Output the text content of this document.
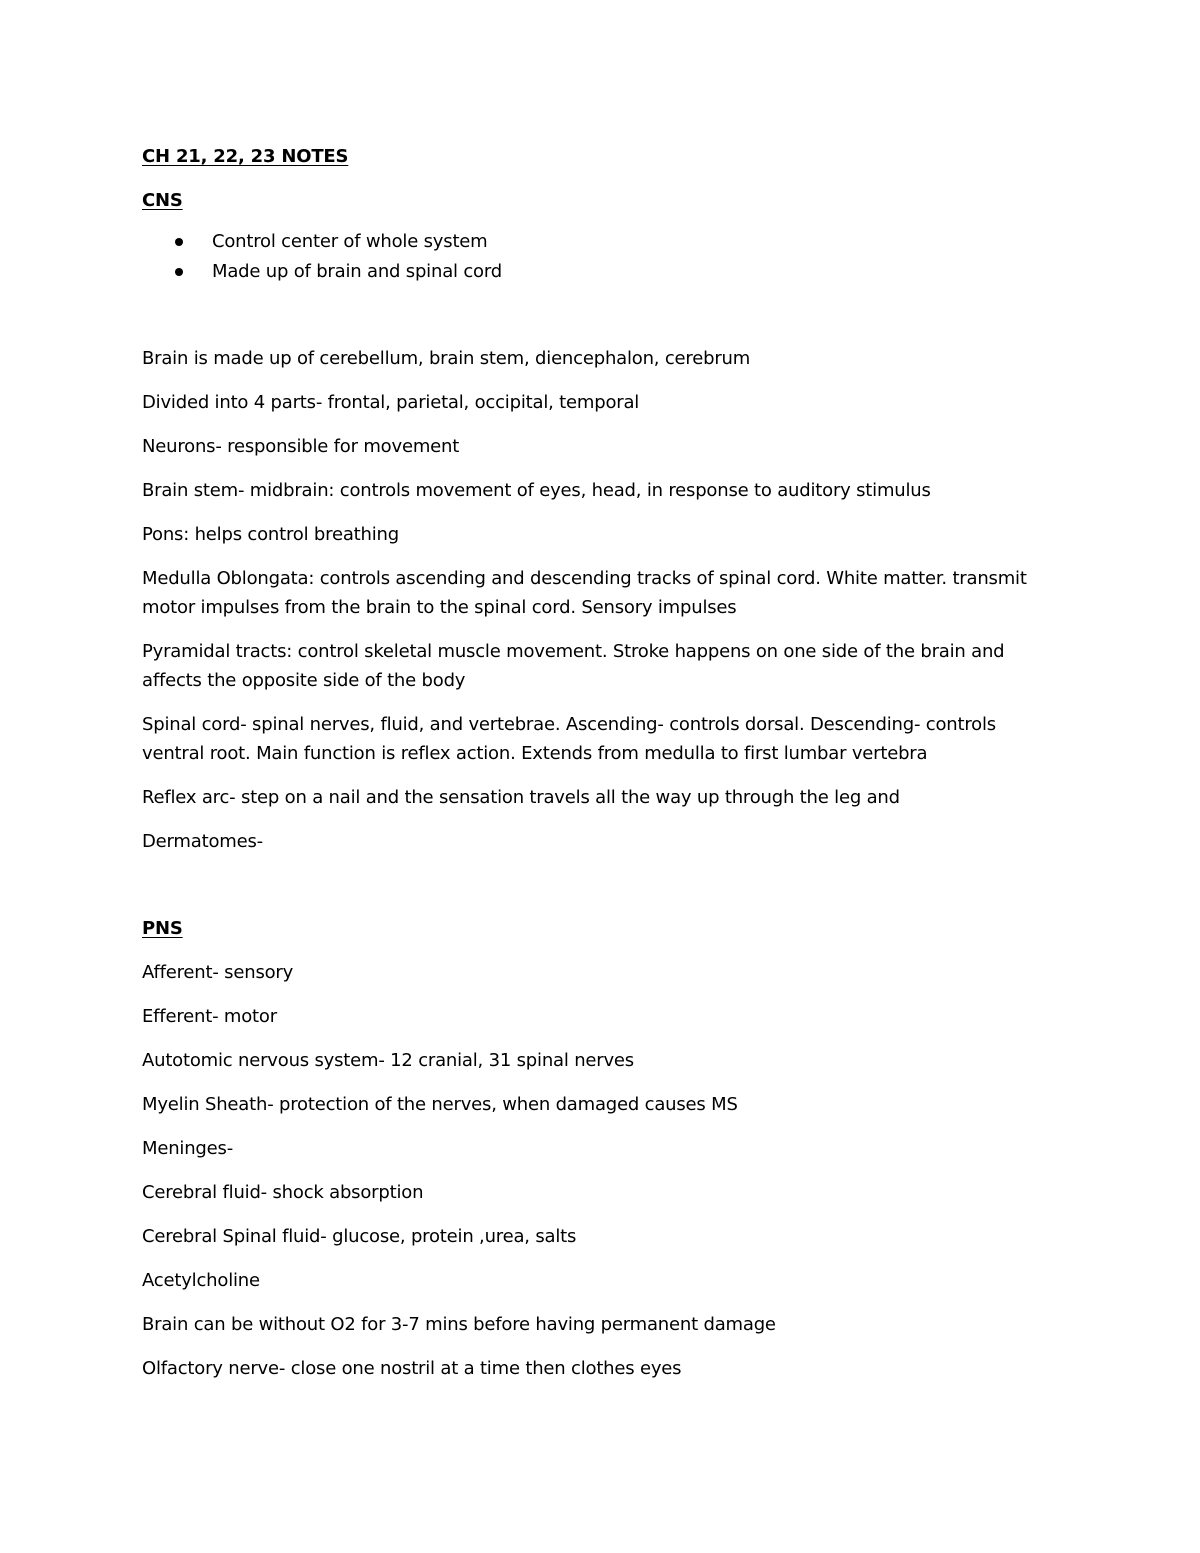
CH 21, 22, 23 NOTES

CNS

Control center of whole system
Made up of brain and spinal cord

Brain is made up of cerebellum, brain stem, diencephalon, cerebrum

Divided into 4 parts- frontal, parietal, occipital, temporal

Neurons- responsible for movement

Brain stem- midbrain: controls movement of eyes, head, in response to auditory stimulus

Pons: helps control breathing

Medulla Oblongata: controls ascending and descending tracks of spinal cord. White matter. transmit motor impulses from the brain to the spinal cord. Sensory impulses

Pyramidal tracts: control skeletal muscle movement. Stroke happens on one side of the brain and affects the opposite side of the body

Spinal cord- spinal nerves, fluid, and vertebrae. Ascending- controls dorsal. Descending- controls ventral root. Main function is reflex action. Extends from medulla to first lumbar vertebra

Reflex arc- step on a nail and the sensation travels all the way up through the leg and

Dermatomes-

PNS

Afferent- sensory

Efferent- motor

Autotomic nervous system- 12 cranial, 31 spinal nerves

Myelin Sheath- protection of the nerves, when damaged causes MS

Meninges-

Cerebral fluid- shock absorption

Cerebral Spinal fluid- glucose, protein ,urea, salts

Acetylcholine

Brain can be without O2 for 3-7 mins before having permanent damage

Olfactory nerve- close one nostril at a time then clothes eyes
